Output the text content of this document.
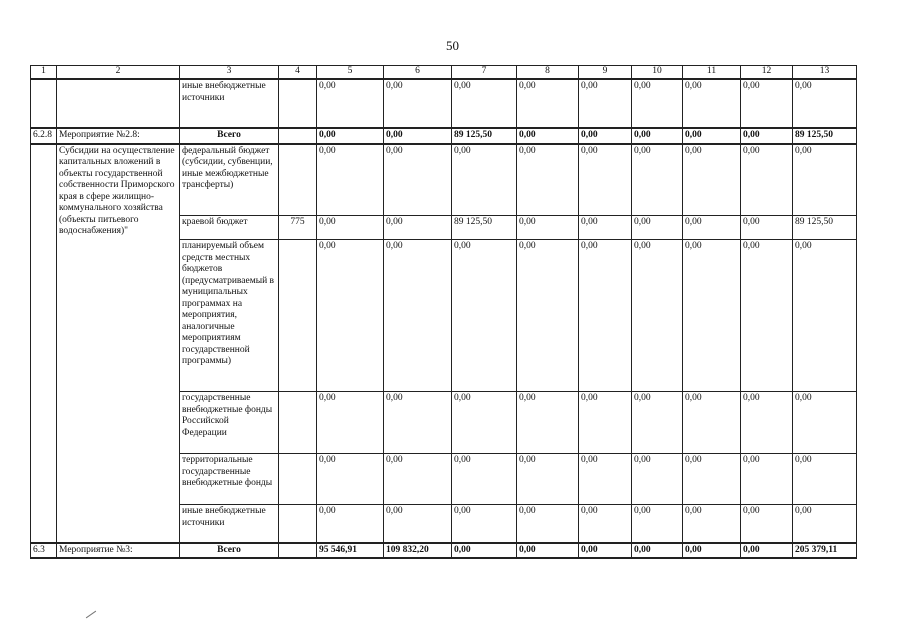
50
1	2	3	4	5	6	7	8	9	10	11	12	13
		иные внебюджетные источники		0,00	0,00	0,00	0,00	0,00	0,00	0,00	0,00	0,00
6.2.8	Мероприятие №2.8:	Всего		0,00	0,00	89 125,50	0,00	0,00	0,00	0,00	0,00	89 125,50
	Субсидии на осуществление капитальных вложений в объекты государственной собственности Приморского края в сфере жилищно-коммунального хозяйства (объекты питьевого водоснабжения)"	федеральный бюджет (субсидии, субвенции, иные межбюджетные трансферты)		0,00	0,00	0,00	0,00	0,00	0,00	0,00	0,00	0,00
		краевой бюджет	775	0,00	0,00	89 125,50	0,00	0,00	0,00	0,00	0,00	89 125,50
		планируемый объем средств местных бюджетов (предусматриваемый в муниципальных программах на мероприятия, аналогичные мероприятиям государственной программы)		0,00	0,00	0,00	0,00	0,00	0,00	0,00	0,00	0,00
		государственные внебюджетные фонды Российской Федерации		0,00	0,00	0,00	0,00	0,00	0,00	0,00	0,00	0,00
		территориальные государственные внебюджетные фонды		0,00	0,00	0,00	0,00	0,00	0,00	0,00	0,00	0,00
		иные внебюджетные источники		0,00	0,00	0,00	0,00	0,00	0,00	0,00	0,00	0,00
6.3	Мероприятие №3:	Всего		95 546,91	109 832,20	0,00	0,00	0,00	0,00	0,00	0,00	205 379,11
